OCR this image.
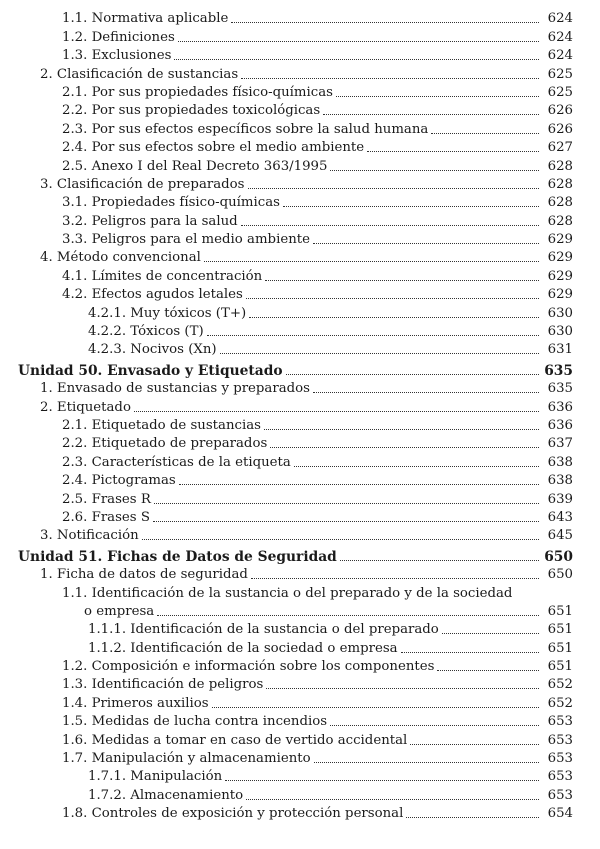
1.1. Normativa aplicable	624
1.2. Definiciones	624
1.3. Exclusiones	624
2. Clasificación de sustancias	625
2.1. Por sus propiedades físico-químicas	625
2.2. Por sus propiedades toxicológicas	626
2.3. Por sus efectos específicos sobre la salud humana	626
2.4. Por sus efectos sobre el medio ambiente	627
2.5. Anexo I del Real Decreto 363/1995	628
3. Clasificación de preparados	628
3.1. Propiedades físico-químicas	628
3.2. Peligros para la salud	628
3.3. Peligros para el medio ambiente	629
4. Método convencional	629
4.1. Límites de concentración	629
4.2. Efectos agudos letales	629
4.2.1. Muy tóxicos (T+)	630
4.2.2. Tóxicos (T)	630
4.2.3. Nocivos (Xn)	631
Unidad 50. Envasado y Etiquetado	635
1. Envasado de sustancias y preparados	635
2. Etiquetado	636
2.1. Etiquetado de sustancias	636
2.2. Etiquetado de preparados	637
2.3. Características de la etiqueta	638
2.4. Pictogramas	638
2.5. Frases R	639
2.6. Frases S	643
3. Notificación	645
Unidad 51. Fichas de Datos de Seguridad	650
1. Ficha de datos de seguridad	650
1.1. Identificación de la sustancia o del preparado y de la sociedad
o empresa	651
1.1.1. Identificación de la sustancia o del preparado	651
1.1.2. Identificación de la sociedad o empresa	651
1.2. Composición e información sobre los componentes	651
1.3. Identificación de peligros	652
1.4. Primeros auxilios	652
1.5. Medidas de lucha contra incendios	653
1.6. Medidas a tomar en caso de vertido accidental	653
1.7. Manipulación y almacenamiento	653
1.7.1. Manipulación	653
1.7.2. Almacenamiento	653
1.8. Controles de exposición y protección personal	654
